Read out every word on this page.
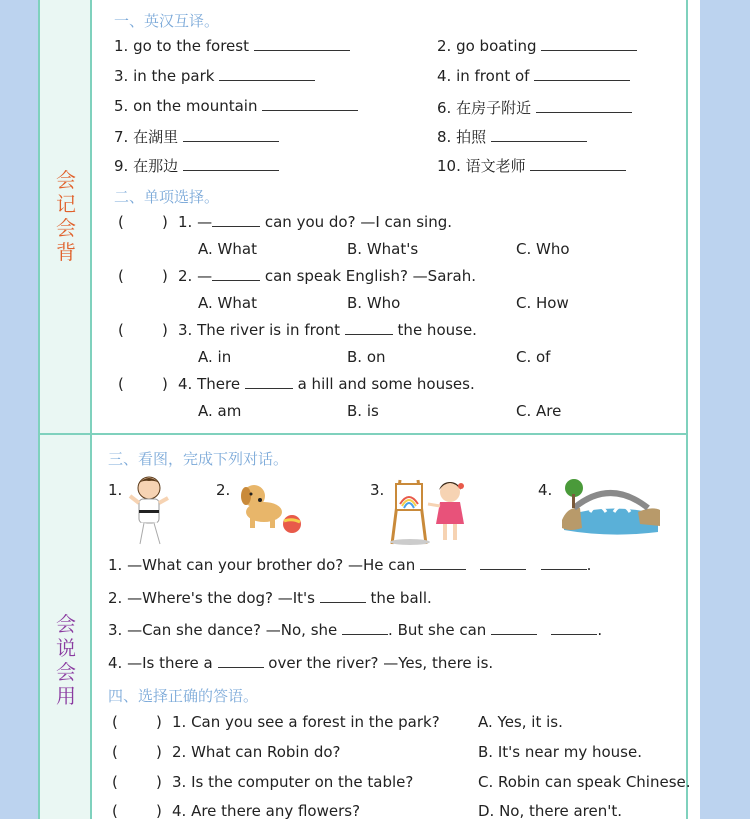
会
记
会
背
会
说
会
用
一、英汉互译。
1. go to the forest	2. go boating
3. in the park	4. in front of
5. on the mountain	6. 在房子附近
7. 在湖里	8. 拍照
9. 在那边	10. 语文老师
二、单项选择。
(        ) 1. —	can you do? —I can sing.
A. What	B. What's	C. Who
(        ) 2. —	can speak English? —Sarah.
A. What	B. Who	C. How
(        ) 3. The river is in front	the house.
A. in	B. on	C. of
(        ) 4. There	a hill and some houses.
A. am	B. is	C. Are
三、看图，完成下列对话。
1.	2.	3.	4.
1. —What can your brother do? —He can	.
2. —Where's the dog? —It's	the ball.
3. —Can she dance? —No, she	. But she can	.
4. —Is there a	over the river? —Yes, there is.
四、选择正确的答语。
(        ) 1. Can you see a forest in the park?	A. Yes, it is.
(        ) 2. What can Robin do?	B. It's near my house.
(        ) 3. Is the computer on the table?	C. Robin can speak Chinese.
(        ) 4. Are there any flowers?	D. No, there aren't.
